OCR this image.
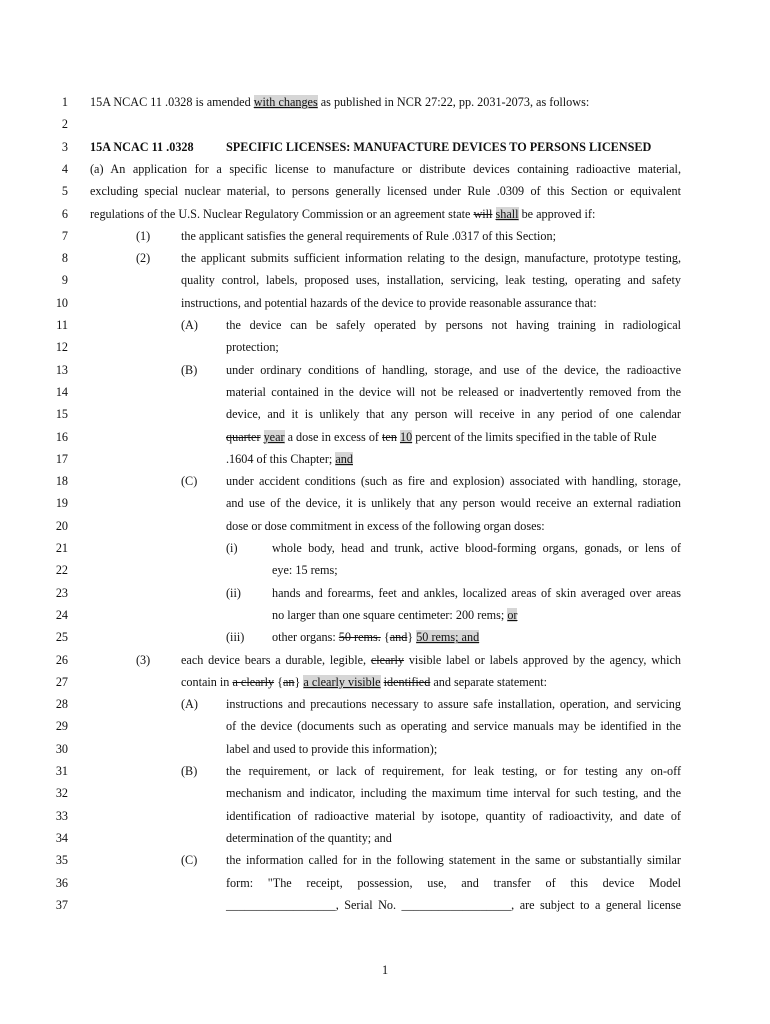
1 15A NCAC 11 .0328 is amended with changes as published in NCR 27:22, pp. 2031-2073, as follows:
2
3 15A NCAC 11 .0328	SPECIFIC LICENSES: MANUFACTURE DEVICES TO PERSONS LICENSED
4 (a) An application for a specific license to manufacture or distribute devices containing radioactive material,
5 excluding special nuclear material, to persons generally licensed under Rule .0309 of this Section or equivalent
6 regulations of the U.S. Nuclear Regulatory Commission or an agreement state will shall be approved if:
7	(1)	the applicant satisfies the general requirements of Rule .0317 of this Section;
8	(2)	the applicant submits sufficient information relating to the design, manufacture, prototype testing,
9	quality control, labels, proposed uses, installation, servicing, leak testing, operating and safety
10	instructions, and potential hazards of the device to provide reasonable assurance that:
11	(A) the device can be safely operated by persons not having training in radiological
12	protection;
13	(B) under ordinary conditions of handling, storage, and use of the device, the radioactive
14	material contained in the device will not be released or inadvertently removed from the
15	device, and it is unlikely that any person will receive in any period of one calendar
16	quarter year a dose in excess of ten 10 percent of the limits specified in the table of Rule
17	.1604 of this Chapter; and
18	(C) under accident conditions (such as fire and explosion) associated with handling, storage,
19	and use of the device, it is unlikely that any person would receive an external radiation
20	dose or dose commitment in excess of the following organ doses:
21	(i)	whole body, head and trunk, active blood-forming organs, gonads, or lens of
22	eye: 15 rems;
23	(ii)	hands and forearms, feet and ankles, localized areas of skin averaged over areas
24	no larger than one square centimeter: 200 rems; or
25	(iii) other organs: 50 rems. {and} 50 rems; and
26	(3)	each device bears a durable, legible, clearly visible label or labels approved by the agency, which
27	contain in a clearly {an} a clearly visible identified and separate statement:
28	(A) instructions and precautions necessary to assure safe installation, operation, and servicing
29	of the device (documents such as operating and service manuals may be identified in the
30	label and used to provide this information);
31	(B) the requirement, or lack of requirement, for leak testing, or for testing any on-off
32	mechanism and indicator, including the maximum time interval for such testing, and the
33	identification of radioactive material by isotope, quantity of radioactivity, and date of
34	determination of the quantity; and
35	(C) the information called for in the following statement in the same or substantially similar
36	form: "The receipt, possession, use, and transfer of this device Model
37	__________________, Serial No. __________________, are subject to a general license
1
